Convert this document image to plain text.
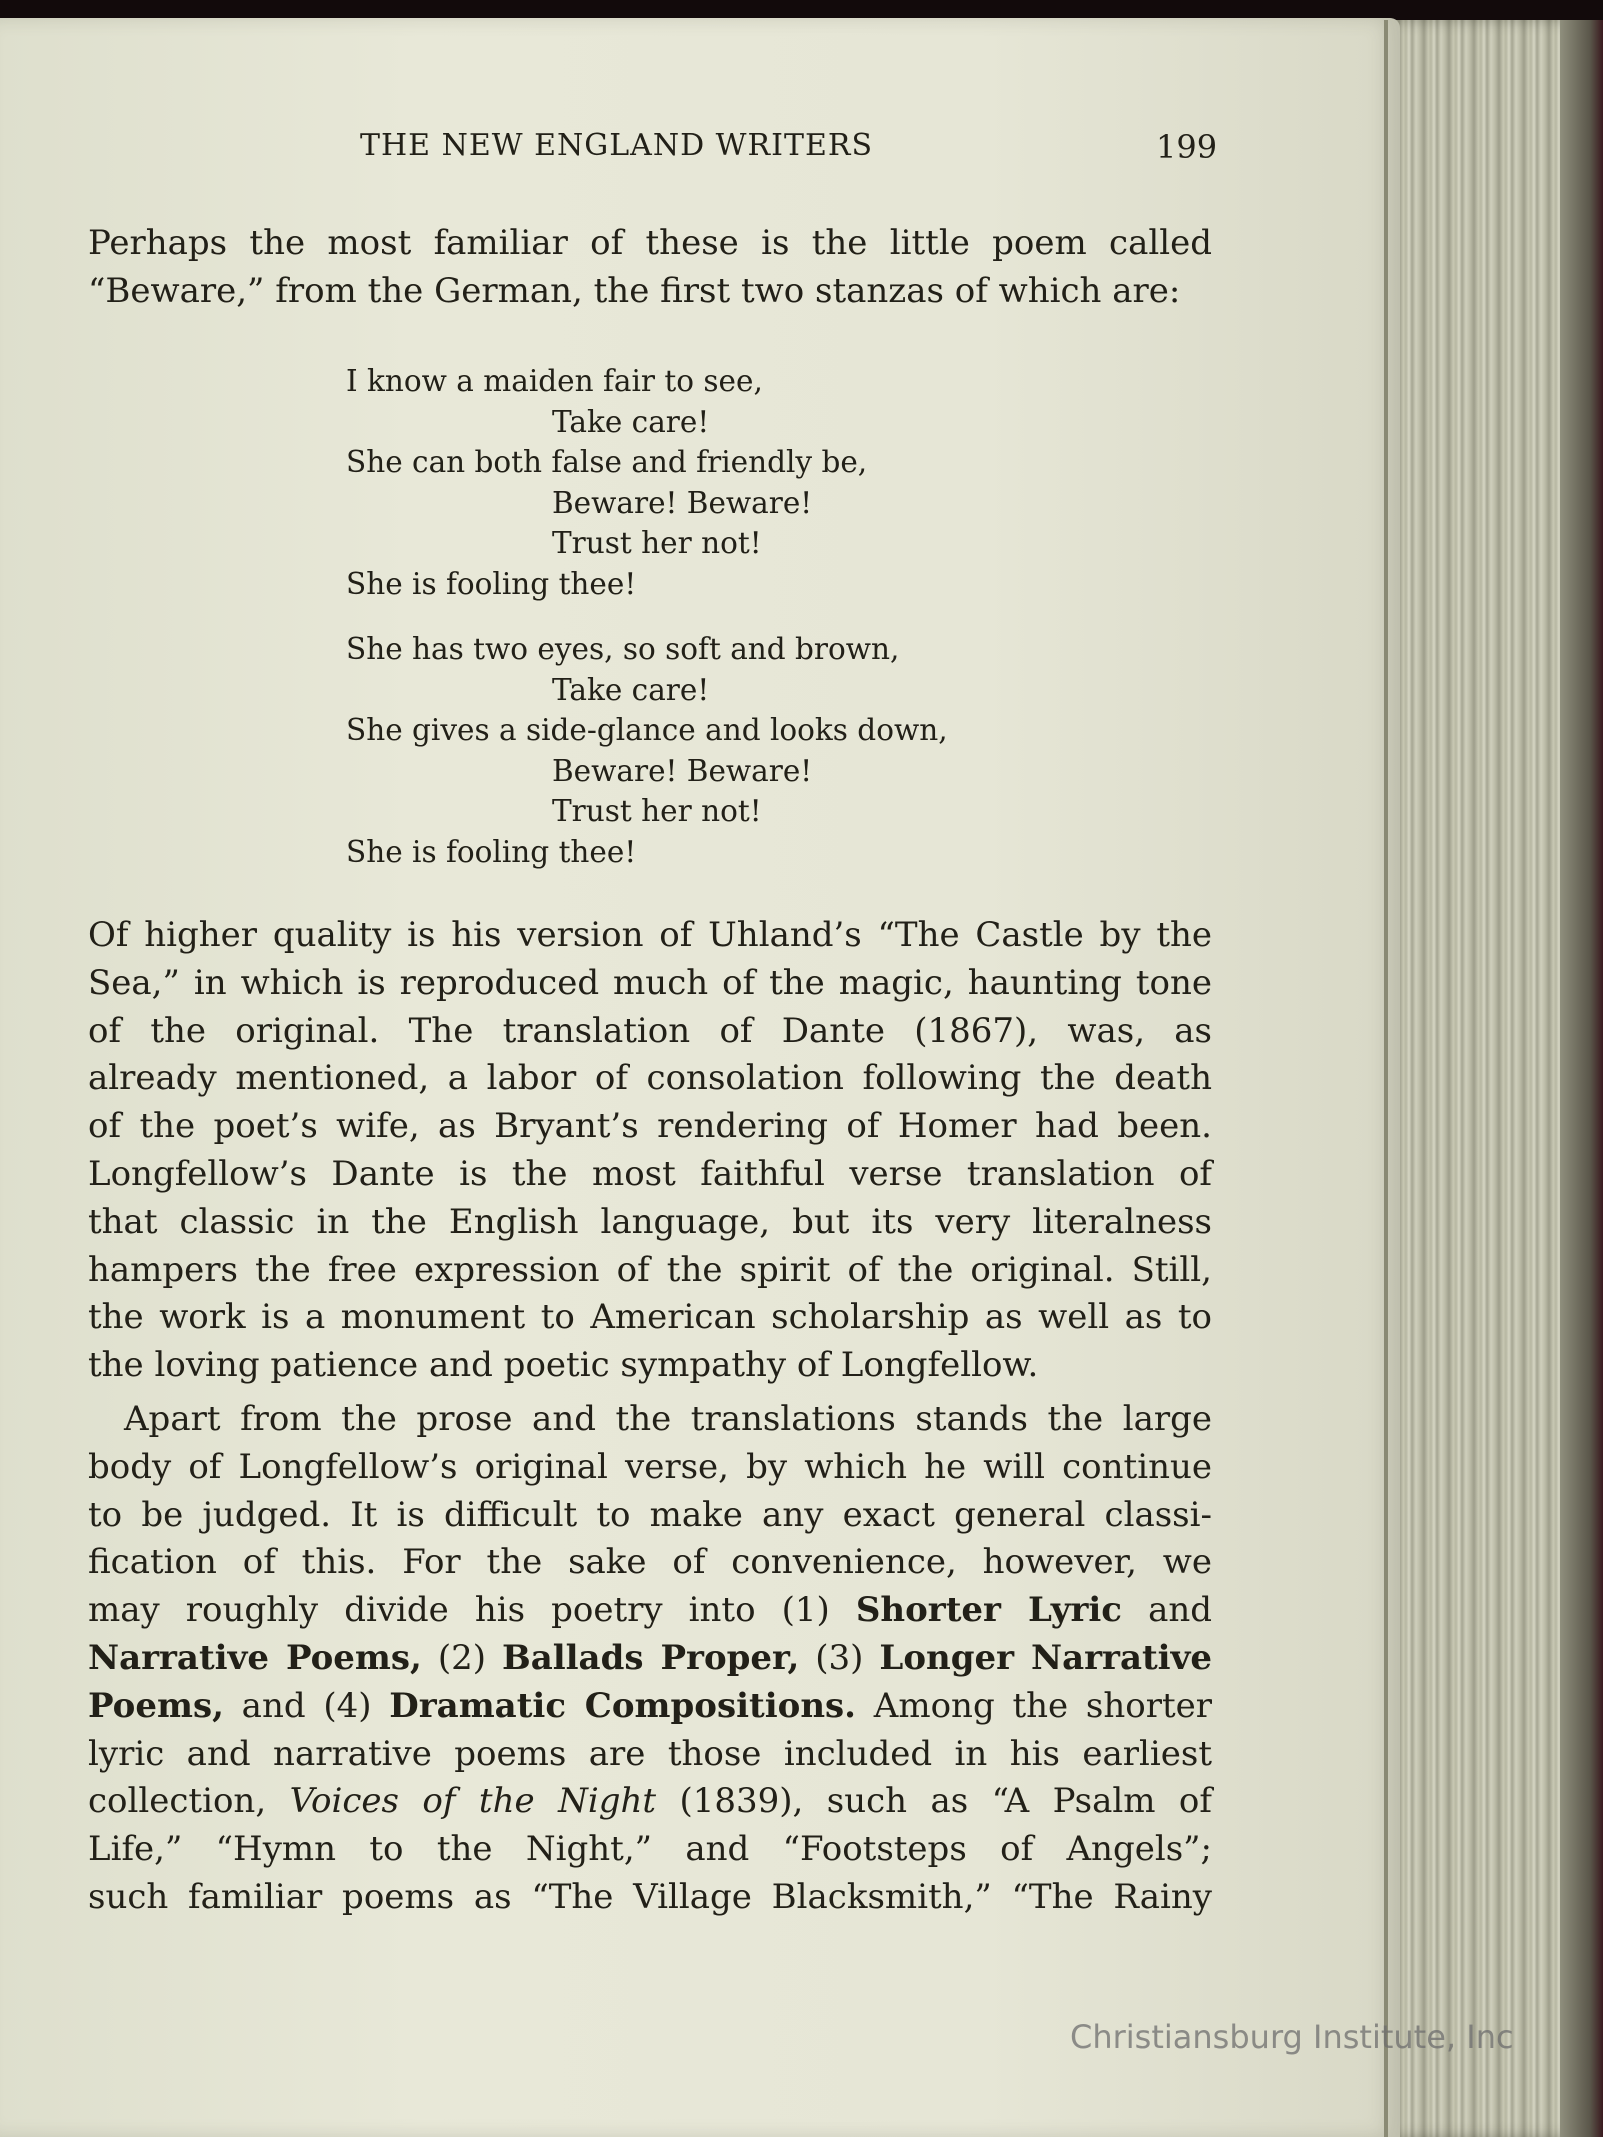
THE NEW ENGLAND WRITERS	199
Perhaps the most familiar of these is the little poem called
“Beware,” from the German, the first two stanzas of which are:
I know a maiden fair to see,
Take care!
She can both false and friendly be,
Beware! Beware!
Trust her not!
She is fooling thee!
She has two eyes, so soft and brown,
Take care!
She gives a side-glance and looks down,
Beware! Beware!
Trust her not!
She is fooling thee!
Of higher quality is his version of Uhland’s “The Castle by the
Sea,” in which is reproduced much of the magic, haunting tone
of the original. The translation of Dante (1867), was, as
already mentioned, a labor of consolation following the death
of the poet’s wife, as Bryant’s rendering of Homer had been.
Longfellow’s Dante is the most faithful verse translation of
that classic in the English language, but its very literalness
hampers the free expression of the spirit of the original. Still,
the work is a monument to American scholarship as well as to
the loving patience and poetic sympathy of Longfellow.
Apart from the prose and the translations stands the large
body of Longfellow’s original verse, by which he will continue
to be judged. It is difficult to make any exact general classi-
fication of this. For the sake of convenience, however, we
may roughly divide his poetry into (1) Shorter Lyric and
Narrative Poems, (2) Ballads Proper, (3) Longer Narrative
Poems, and (4) Dramatic Compositions. Among the shorter
lyric and narrative poems are those included in his earliest
collection, Voices of the Night (1839), such as “A Psalm of
Life,” “Hymn to the Night,” and “Footsteps of Angels”;
such familiar poems as “The Village Blacksmith,” “The Rainy
Christiansburg Institute, Inc
